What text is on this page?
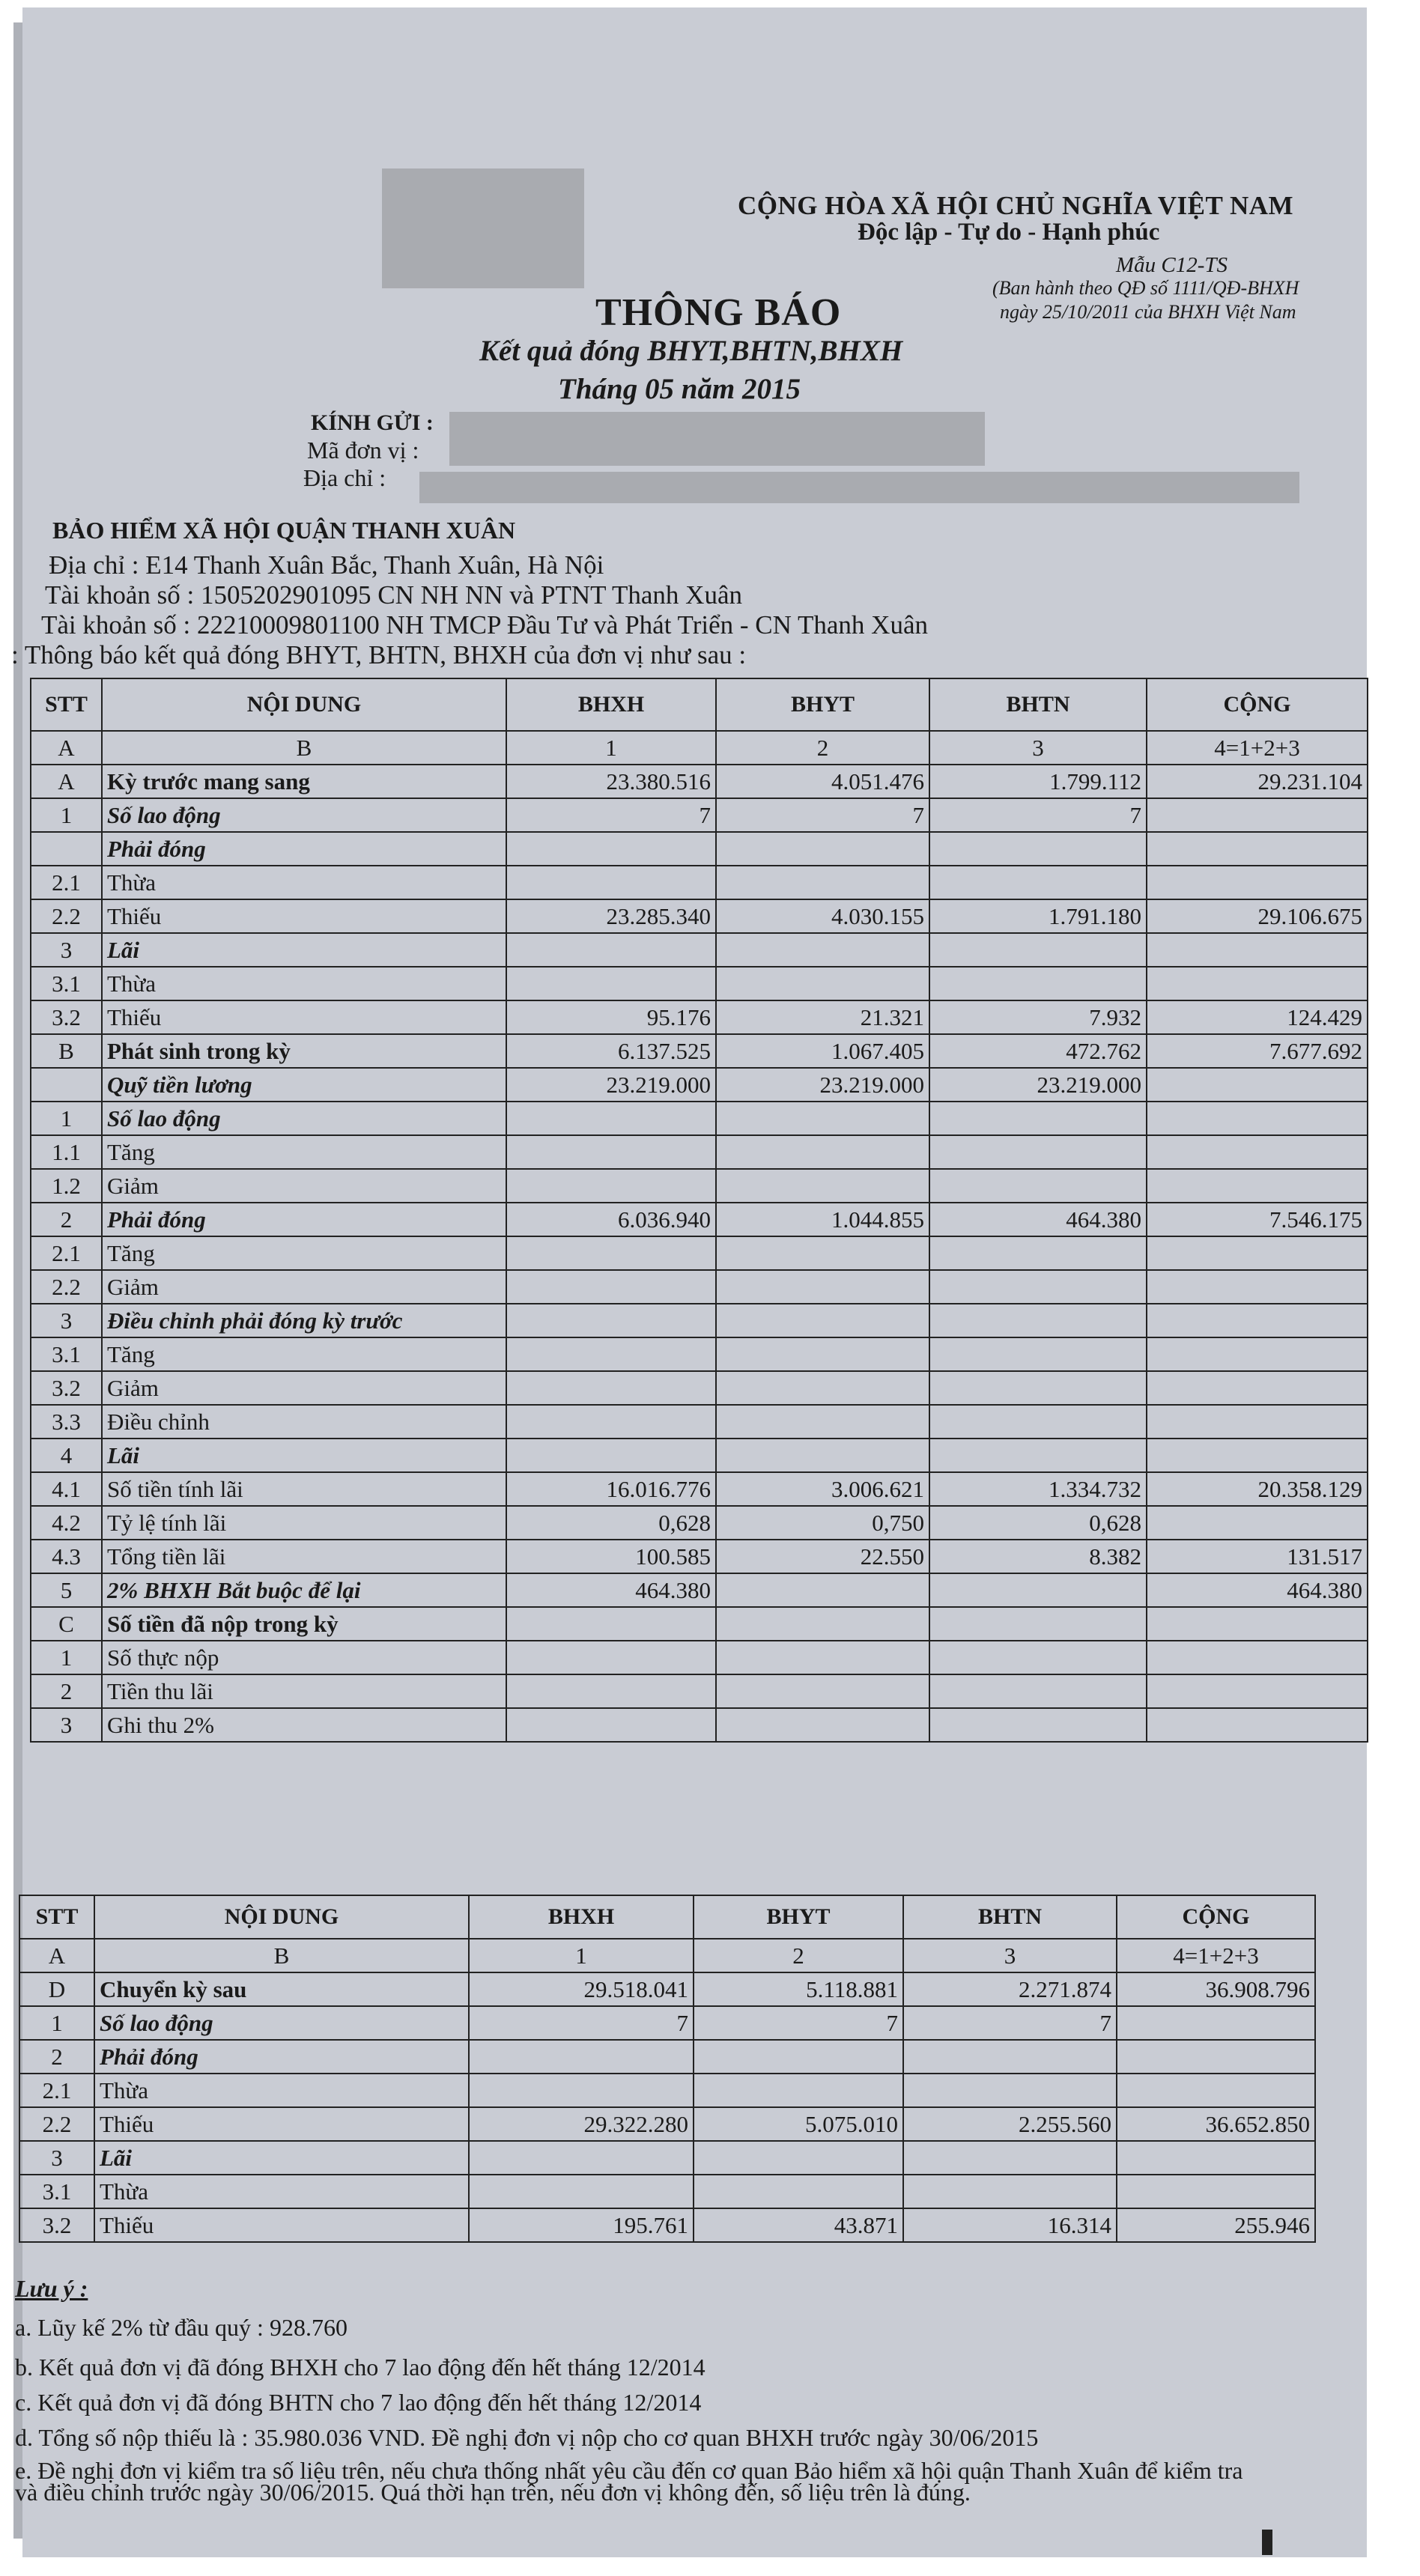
CỘNG HÒA XÃ HỘI CHỦ NGHĨA VIỆT NAM
Độc lập - Tự do - Hạnh phúc
Mẫu C12-TS
(Ban hành theo QĐ số 1111/QĐ-BHXH
ngày 25/10/2011 của BHXH Việt Nam
THÔNG BÁO
Kết quả đóng BHYT,BHTN,BHXH
Tháng 05 năm 2015
KÍNH GỬI :
Mã đơn vị :
Địa chỉ :
BẢO HIỂM XÃ HỘI QUẬN THANH XUÂN
Địa chỉ : E14 Thanh Xuân Bắc, Thanh Xuân, Hà Nội
Tài khoản số : 1505202901095 CN NH NN và PTNT Thanh Xuân
Tài khoản số : 22210009801100 NH TMCP Đầu Tư và Phát Triển - CN Thanh Xuân
: Thông báo kết quả đóng BHYT, BHTN, BHXH của đơn vị như sau :
STT	NỘI DUNG	BHXH	BHYT	BHTN	CỘNG
A	B	1	2	3	4=1+2+3
A	Kỳ trước mang sang	23.380.516	4.051.476	1.799.112	29.231.104
1	Số lao động	7	7	7	
	Phải đóng				
2.1	Thừa				
2.2	Thiếu	23.285.340	4.030.155	1.791.180	29.106.675
3	Lãi				
3.1	Thừa				
3.2	Thiếu	95.176	21.321	7.932	124.429
B	Phát sinh trong kỳ	6.137.525	1.067.405	472.762	7.677.692
	Quỹ tiền lương	23.219.000	23.219.000	23.219.000	
1	Số lao động				
1.1	Tăng				
1.2	Giảm				
2	Phải đóng	6.036.940	1.044.855	464.380	7.546.175
2.1	Tăng				
2.2	Giảm				
3	Điều chỉnh phải đóng kỳ trước				
3.1	Tăng				
3.2	Giảm				
3.3	Điều chỉnh				
4	Lãi				
4.1	Số tiền tính lãi	16.016.776	3.006.621	1.334.732	20.358.129
4.2	Tỷ lệ tính lãi	0,628	0,750	0,628	
4.3	Tổng tiền lãi	100.585	22.550	8.382	131.517
5	2% BHXH Bắt buộc để lại	464.380			464.380
C	Số tiền đã nộp trong kỳ				
1	Số thực nộp				
2	Tiền thu lãi				
3	Ghi thu 2%				
STT	NỘI DUNG	BHXH	BHYT	BHTN	CỘNG
A	B	1	2	3	4=1+2+3
D	Chuyển kỳ sau	29.518.041	5.118.881	2.271.874	36.908.796
1	Số lao động	7	7	7	
2	Phải đóng				
2.1	Thừa				
2.2	Thiếu	29.322.280	5.075.010	2.255.560	36.652.850
3	Lãi				
3.1	Thừa				
3.2	Thiếu	195.761	43.871	16.314	255.946
Lưu ý :
a. Lũy kế 2% từ đầu quý : 928.760
b. Kết quả đơn vị đã đóng BHXH cho 7 lao động đến hết tháng 12/2014
c. Kết quả đơn vị đã đóng BHTN cho 7 lao động đến hết tháng 12/2014
d. Tổng số nộp thiếu là : 35.980.036 VND. Đề nghị đơn vị nộp cho cơ quan BHXH trước ngày 30/06/2015
e. Đề nghị đơn vị kiểm tra số liệu trên, nếu chưa thống nhất yêu cầu đến cơ quan Bảo hiểm xã hội quận Thanh Xuân để kiểm tra và điều chỉnh trước ngày 30/06/2015. Quá thời hạn trên, nếu đơn vị không đến, số liệu trên là đúng.
